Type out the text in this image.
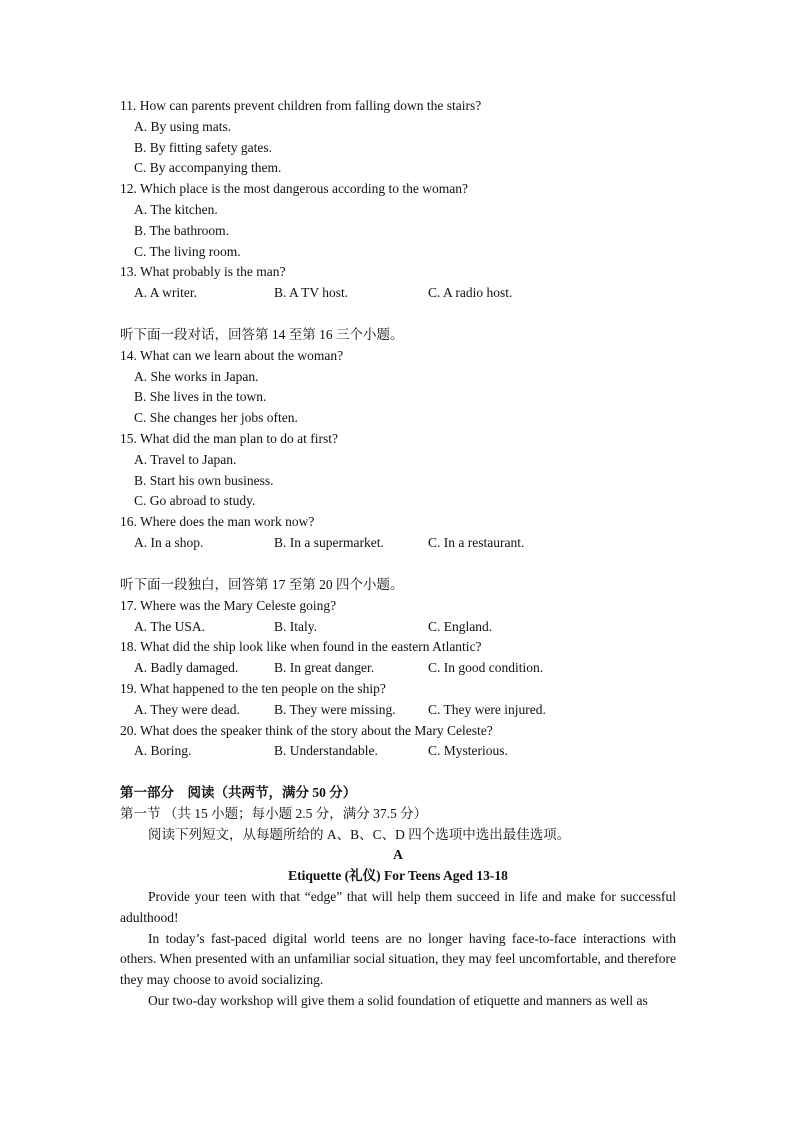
11. How can parents prevent children from falling down the stairs?
A. By using mats.
B. By fitting safety gates.
C. By accompanying them.
12. Which place is the most dangerous according to the woman?
A. The kitchen.
B. The bathroom.
C. The living room.
13. What probably is the man?
A. A writer.	B. A TV host.	C. A radio host.
听下面一段对话，回答第 14 至第 16 三个小题。
14. What can we learn about the woman?
A. She works in Japan.
B. She lives in the town.
C. She changes her jobs often.
15. What did the man plan to do at first?
A. Travel to Japan.
B. Start his own business.
C. Go abroad to study.
16. Where does the man work now?
A. In a shop.	B. In a supermarket.	C. In a restaurant.
听下面一段独白，回答第 17 至第 20 四个小题。
17. Where was the Mary Celeste going?
A. The USA.	B. Italy.	C. England.
18. What did the ship look like when found in the eastern Atlantic?
A. Badly damaged.	B. In great danger.	C. In good condition.
19. What happened to the ten people on the ship?
A. They were dead.	B. They were missing.	C. They were injured.
20. What does the speaker think of the story about the Mary Celeste?
A. Boring.	B. Understandable.	C. Mysterious.
第一部分　阅读（共两节，满分 50 分）
第一节 （共 15 小题；每小题 2.5 分，满分 37.5 分）
阅读下列短文，从每题所给的 A、B、C、D 四个选项中选出最佳选项。
A
Etiquette (礼仪) For Teens Aged 13-18
Provide your teen with that “edge” that will help them succeed in life and make for successful adulthood!
In today’s fast-paced digital world teens are no longer having face-to-face interactions with others. When presented with an unfamiliar social situation, they may feel uncomfortable, and therefore they may choose to avoid socializing.
Our two-day workshop will give them a solid foundation of etiquette and manners as well as
